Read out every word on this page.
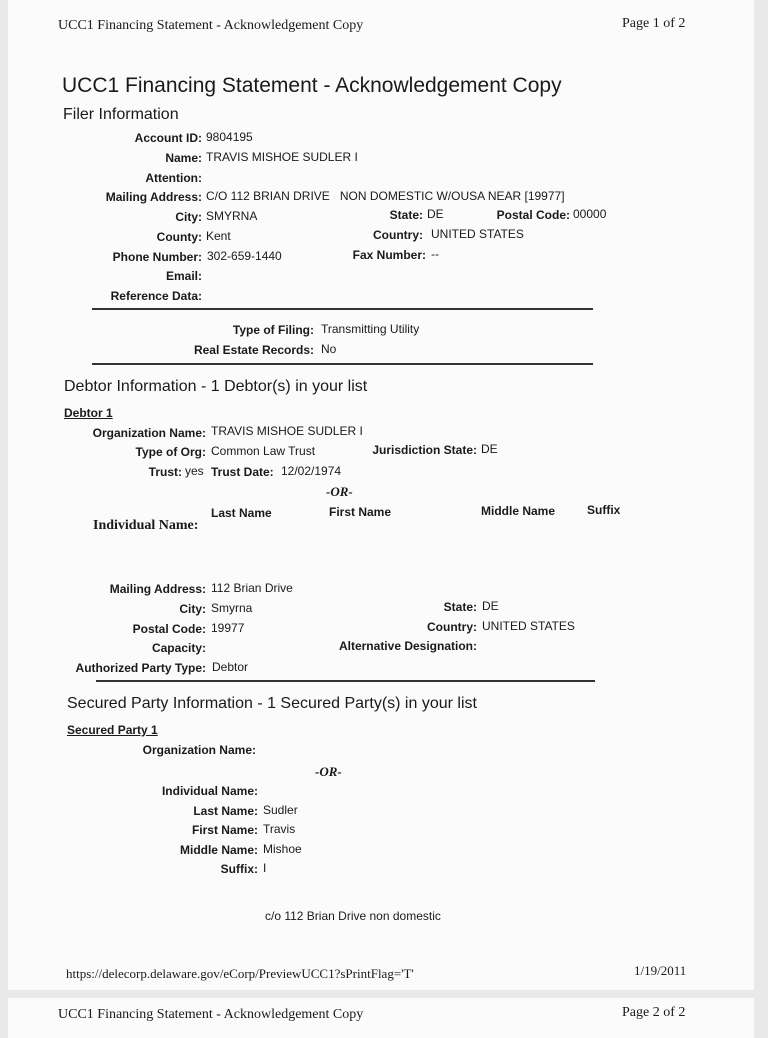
UCC1 Financing Statement - Acknowledgement Copy	Page 1 of 2
UCC1 Financing Statement - Acknowledgement Copy
Filer Information
Account ID: 9804195
Name: TRAVIS MISHOE SUDLER I
Attention:
Mailing Address: C/O 112 BRIAN DRIVE   NON DOMESTIC W/OUSA NEAR [19977]
City: SMYRNA	State: DE	Postal Code: 00000
County: Kent	Country: UNITED STATES
Phone Number: 302-659-1440	Fax Number: --
Email:
Reference Data:
Type of Filing: Transmitting Utility
Real Estate Records: No
Debtor Information - 1 Debtor(s) in your list
Debtor 1
Organization Name: TRAVIS MISHOE SUDLER I
Type of Org: Common Law Trust	Jurisdiction State: DE
Trust: yes Trust Date: 12/02/1974
-OR-
Last Name	First Name	Middle Name	Suffix
Individual Name:
Mailing Address: 112 Brian Drive
City: Smyrna	State: DE
Postal Code: 19977	Country: UNITED STATES
Capacity:	Alternative Designation:
Authorized Party Type: Debtor
Secured Party Information - 1 Secured Party(s) in your list
Secured Party 1
Organization Name:
-OR-
Individual Name:
Last Name: Sudler
First Name: Travis
Middle Name: Mishoe
Suffix: I
c/o 112 Brian Drive non domestic
https://delecorp.delaware.gov/eCorp/PreviewUCC1?sPrintFlag='T'	1/19/2011
UCC1 Financing Statement - Acknowledgement Copy	Page 2 of 2
